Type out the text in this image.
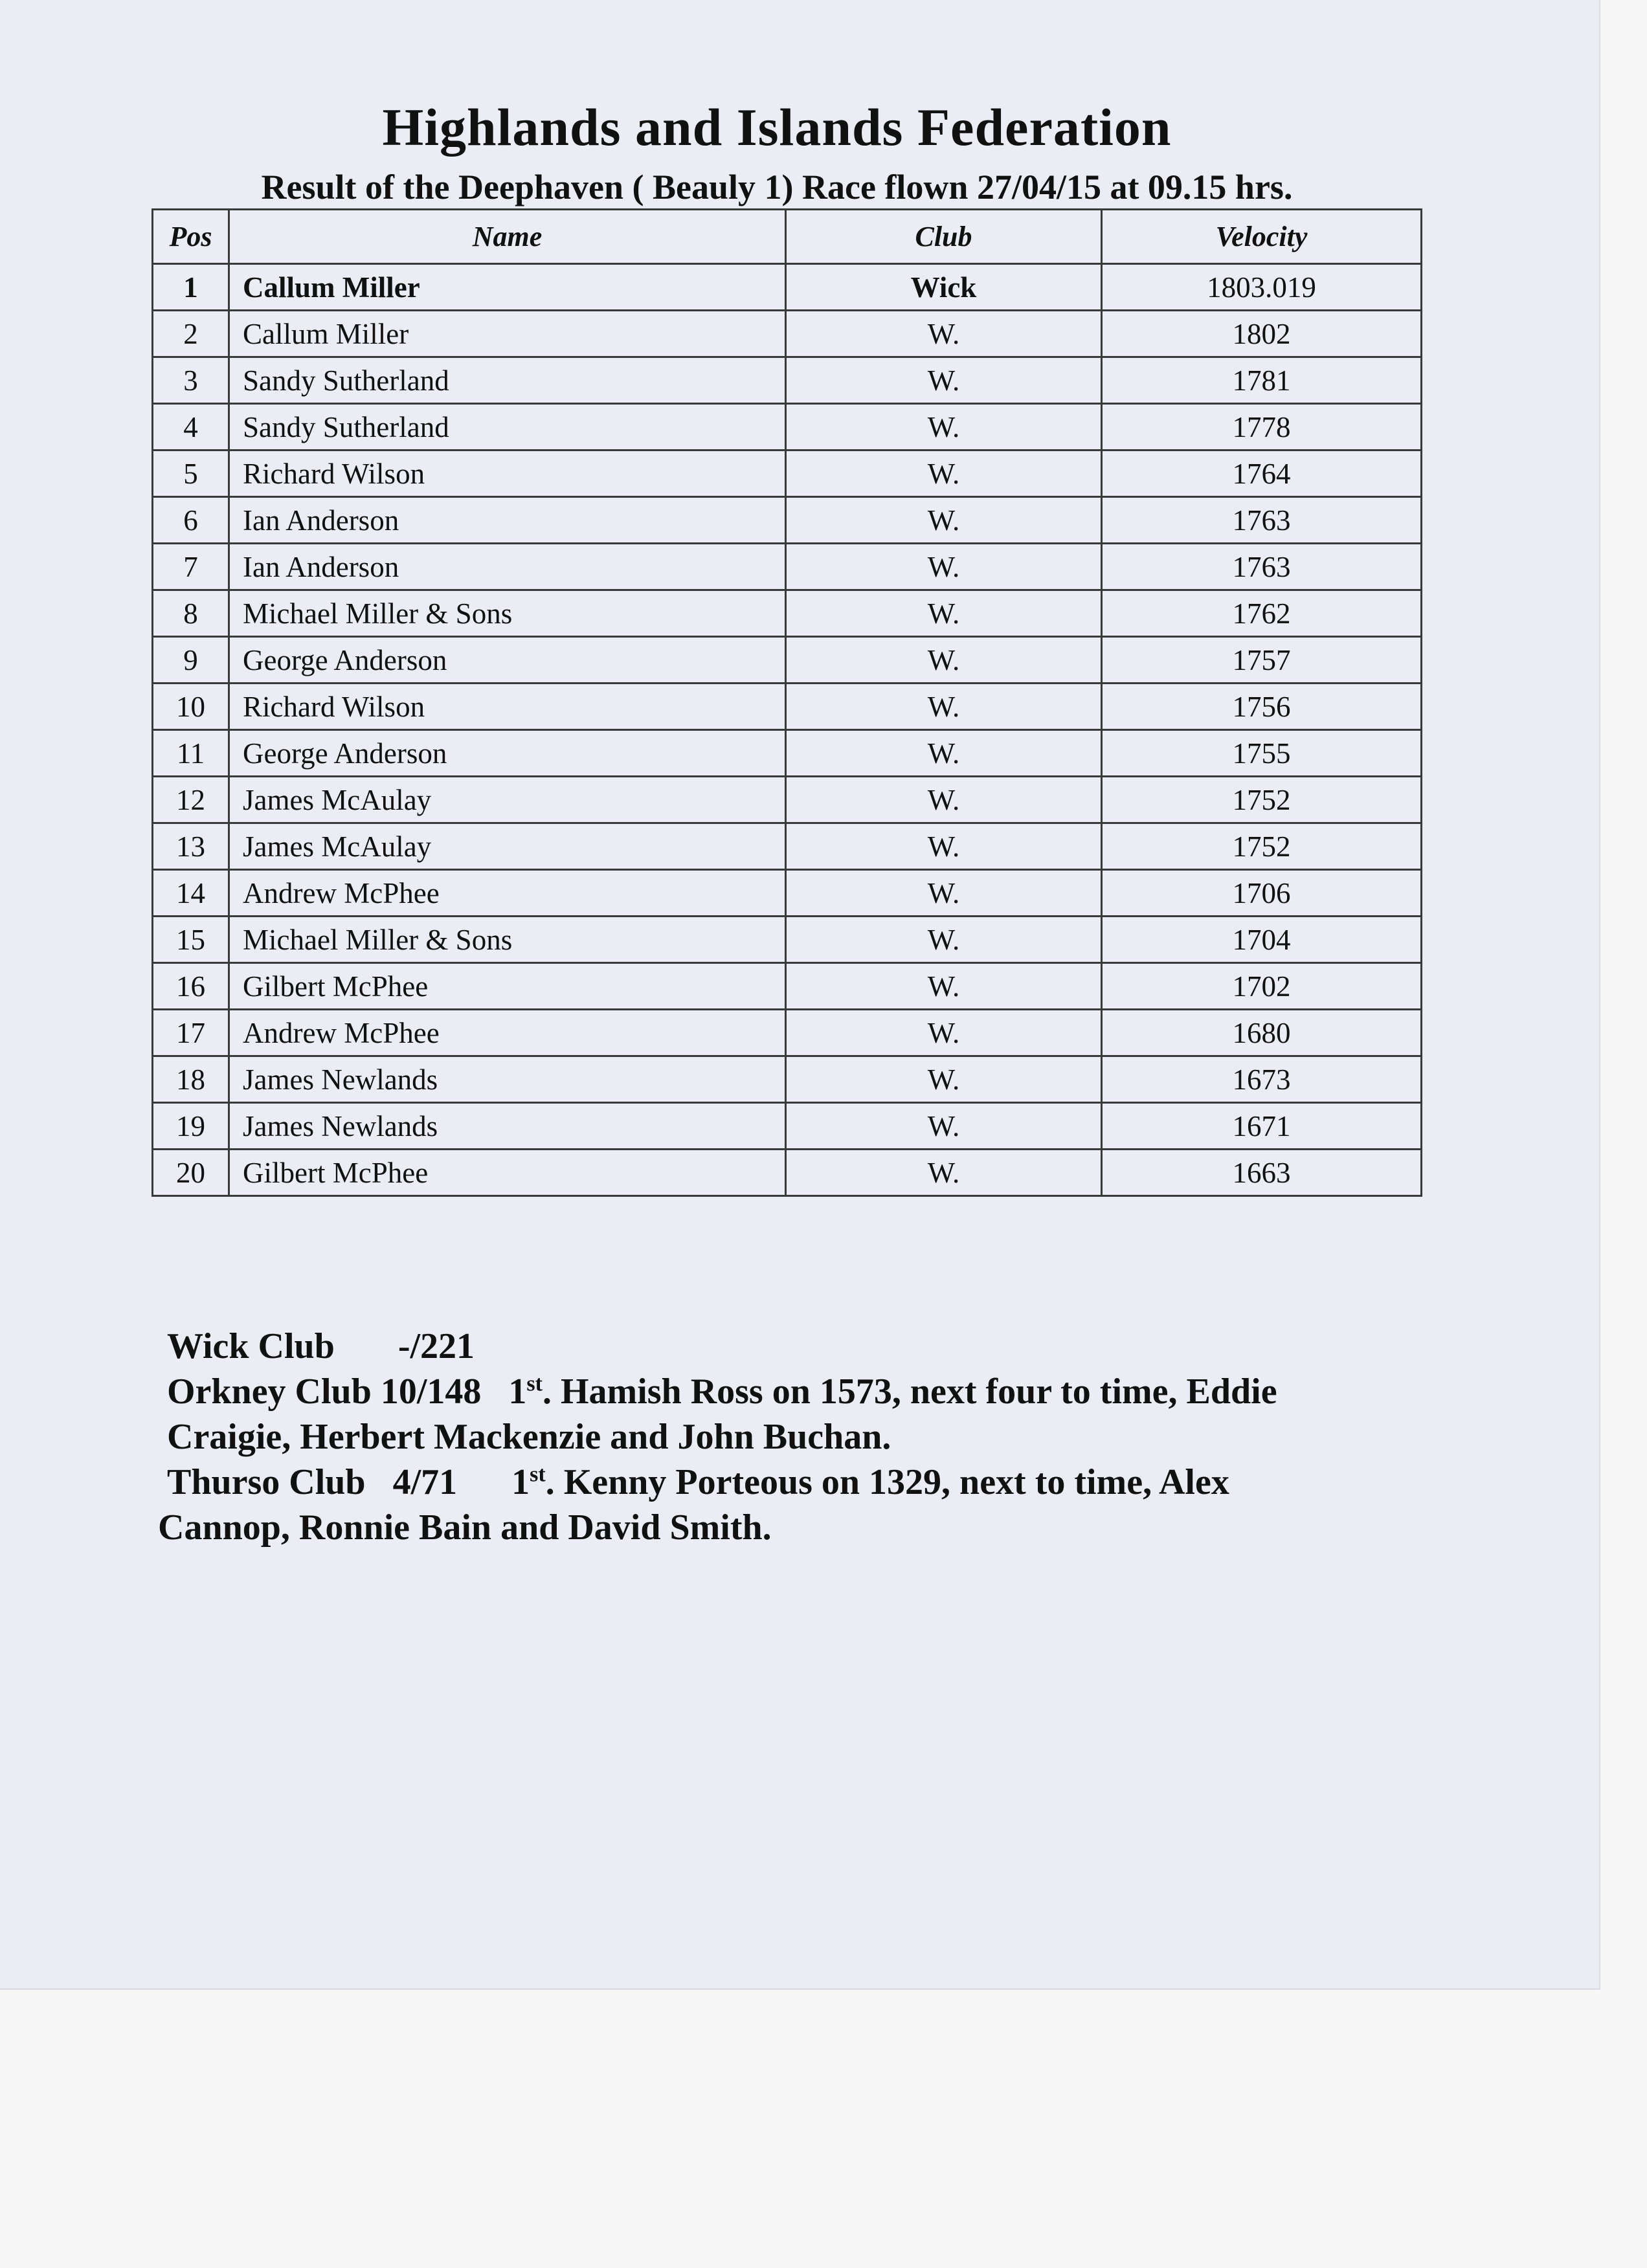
Highlands and Islands Federation
Result of the Deephaven ( Beauly 1) Race flown 27/04/15 at 09.15 hrs.
Pos	Name	Club	Velocity
1	Callum Miller	Wick	1803.019
2	Callum Miller	W.	1802
3	Sandy Sutherland	W.	1781
4	Sandy Sutherland	W.	1778
5	Richard Wilson	W.	1764
6	Ian Anderson	W.	1763
7	Ian Anderson	W.	1763
8	Michael Miller & Sons	W.	1762
9	George Anderson	W.	1757
10	Richard Wilson	W.	1756
11	George Anderson	W.	1755
12	James McAulay	W.	1752
13	James McAulay	W.	1752
14	Andrew McPhee	W.	1706
15	Michael Miller & Sons	W.	1704
16	Gilbert McPhee	W.	1702
17	Andrew McPhee	W.	1680
18	James Newlands	W.	1673
19	James Newlands	W.	1671
20	Gilbert McPhee	W.	1663
Wick Club -/221
Orkney Club 10/148 1st. Hamish Ross on 1573, next four to time, Eddie
Craigie, Herbert Mackenzie and John Buchan.
Thurso Club 4/71 1st. Kenny Porteous on 1329, next to time, Alex
Cannop, Ronnie Bain and David Smith.
